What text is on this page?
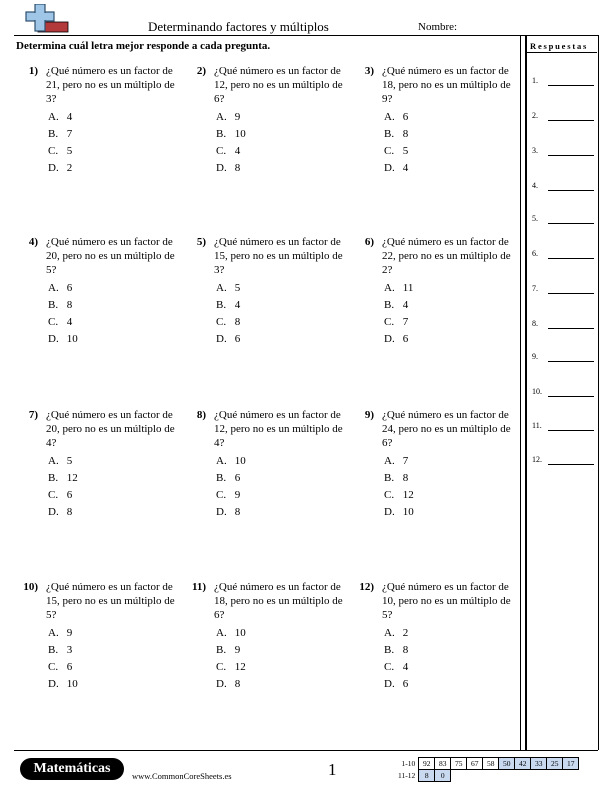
Determinando factores y múltiplos	Nombre:
Determina cuál letra mejor responde a cada pregunta.	Respuestas
1.
2.
3.
4.
5.
6.
7.
8.
9.
10.
11.
12.
1) ¿Qué número es un factor de 21, pero no es un múltiplo de 3?
A. 4
B. 7
C. 5
D. 2
2) ¿Qué número es un factor de 12, pero no es un múltiplo de 6?
A. 9
B. 10
C. 4
D. 8
3) ¿Qué número es un factor de 18, pero no es un múltiplo de 9?
A. 6
B. 8
C. 5
D. 4
4) ¿Qué número es un factor de 20, pero no es un múltiplo de 5?
A. 6
B. 8
C. 4
D. 10
5) ¿Qué número es un factor de 15, pero no es un múltiplo de 3?
A. 5
B. 4
C. 8
D. 6
6) ¿Qué número es un factor de 22, pero no es un múltiplo de 2?
A. 11
B. 4
C. 7
D. 6
7) ¿Qué número es un factor de 20, pero no es un múltiplo de 4?
A. 5
B. 12
C. 6
D. 8
8) ¿Qué número es un factor de 12, pero no es un múltiplo de 4?
A. 10
B. 6
C. 9
D. 8
9) ¿Qué número es un factor de 24, pero no es un múltiplo de 6?
A. 7
B. 8
C. 12
D. 10
10) ¿Qué número es un factor de 15, pero no es un múltiplo de 5?
A. 9
B. 3
C. 6
D. 10
11) ¿Qué número es un factor de 18, pero no es un múltiplo de 6?
A. 10
B. 9
C. 12
D. 8
12) ¿Qué número es un factor de 10, pero no es un múltiplo de 5?
A. 2
B. 8
C. 4
D. 6
Matemáticas	www.CommonCoreSheets.es	1	1-10	92	83	75	67	58	50	42	33	25	17
11-12	8	0								
